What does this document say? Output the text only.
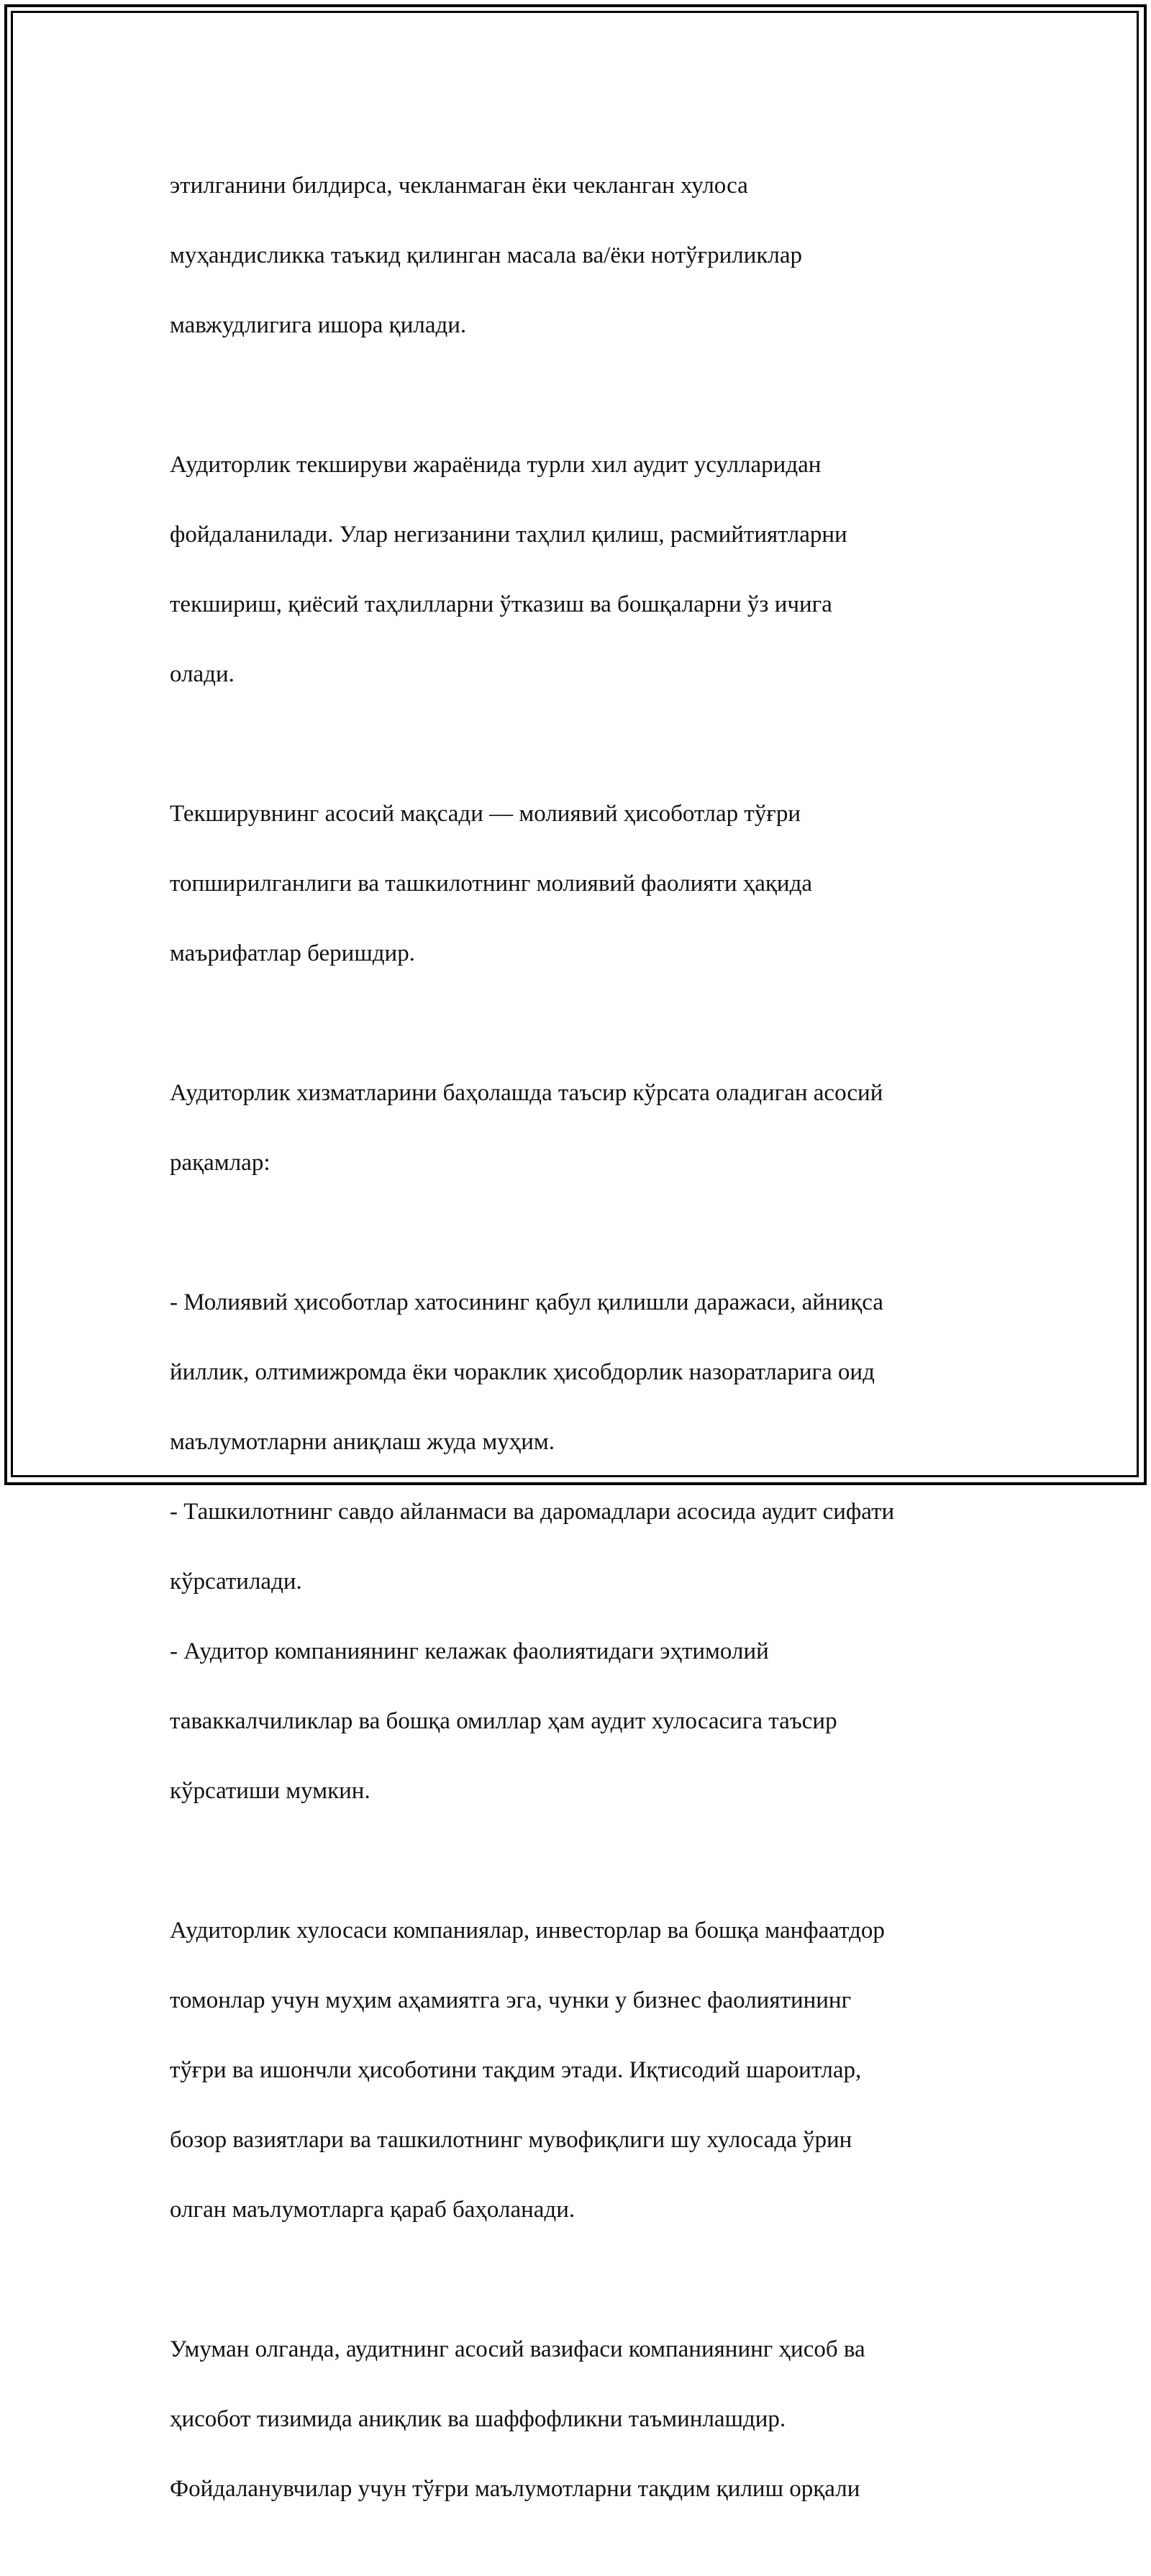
этилганини билдирса, чекланмаган ёки чекланган хулоса

муҳандисликка таъкид қилинган масала ва/ёки нотўғриликлар

мавжудлигига ишора қилади.

Аудиторлик текшируви жараёнида турли хил аудит усулларидан

фойдаланилади. Улар негизанини таҳлил қилиш, расмийтиятларни

текшириш, қиёсий таҳлилларни ўтказиш ва бошқаларни ўз ичига

олади.

Текширувнинг асосий мақсади — молиявий ҳисоботлар тўғри

топширилганлиги ва ташкилотнинг молиявий фаолияти ҳақида

маърифатлар беришдир.

Аудиторлик хизматларини баҳолашда таъсир кўрсата оладиган асосий

рақамлар:

- Молиявий ҳисоботлар хатосининг қабул қилишли даражаси, айниқса

йиллик, олтимижромда ёки чораклик ҳисобдорлик назоратларига оид

маълумотларни аниқлаш жуда муҳим.

- Ташкилотнинг савдо айланмаси ва даромадлари асосида аудит сифати

кўрсатилади.

- Аудитор компаниянинг келажак фаолиятидаги эҳтимолий

таваккалчиликлар ва бошқа омиллар ҳам аудит хулосасига таъсир

кўрсатиши мумкин.

Аудиторлик хулосаси компаниялар, инвесторлар ва бошқа манфаатдор

томонлар учун муҳим аҳамиятга эга, чунки у бизнес фаолиятининг

тўғри ва ишончли ҳисоботини тақдим этади. Иқтисодий шароитлар,

бозор вазиятлари ва ташкилотнинг мувофиқлиги шу хулосада ўрин

олган маълумотларга қараб баҳоланади.

Умуман олганда, аудитнинг асосий вазифаси компаниянинг ҳисоб ва

ҳисобот тизимида аниқлик ва шаффофликни таъминлашдир.

Фойдаланувчилар учун тўғри маълумотларни тақдим қилиш орқали
